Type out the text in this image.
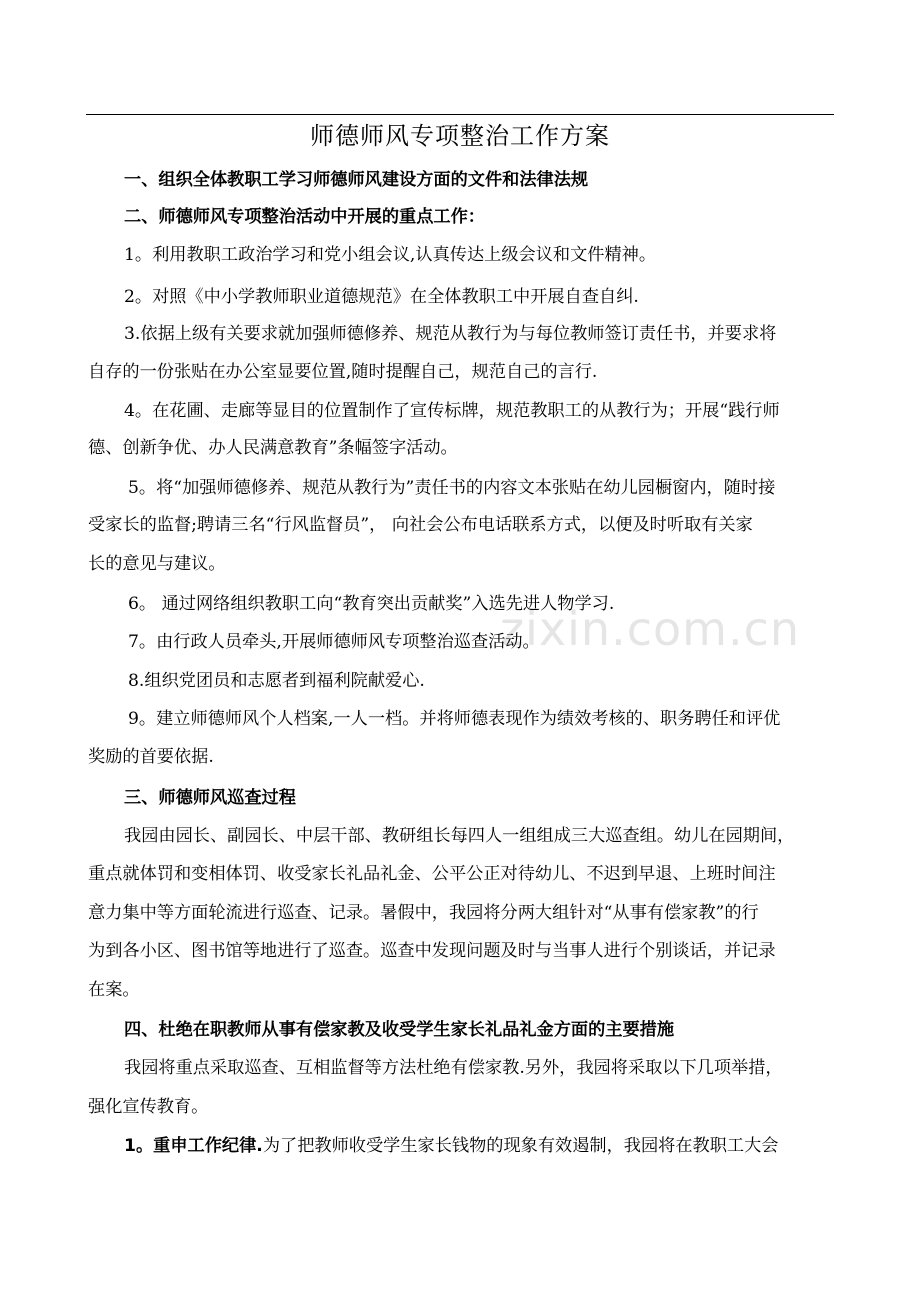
zixin.com.cn
师德师风专项整治工作方案
一、组织全体教职工学习师德师风建设方面的文件和法律法规
二、师德师风专项整治活动中开展的重点工作：
1。利用教职工政治学习和党小组会议,认真传达上级会议和文件精神。
2。对照《中小学教师职业道德规范》在全体教职工中开展自查自纠.
3.依据上级有关要求就加强师德修养、规范从教行为与每位教师签订责任书，并要求将
自存的一份张贴在办公室显要位置,随时提醒自己，规范自己的言行.
4。在花圃、走廊等显目的位置制作了宣传标牌，规范教职工的从教行为；开展“践行师
德、创新争优、办人民满意教育”条幅签字活动。
5。将“加强师德修养、规范从教行为”责任书的内容文本张贴在幼儿园橱窗内，随时接
受家长的监督;聘请三名“行风监督员”， 向社会公布电话联系方式，以便及时听取有关家
长的意见与建议。
6。 通过网络组织教职工向“教育突出贡献奖”入选先进人物学习.
7。由行政人员牵头,开展师德师风专项整治巡查活动。
8.组织党团员和志愿者到福利院献爱心.
9。建立师德师风个人档案,一人一档。并将师德表现作为绩效考核的、职务聘任和评优
奖励的首要依据.
三、师德师风巡查过程
我园由园长、副园长、中层干部、教研组长每四人一组组成三大巡查组。幼儿在园期间，
重点就体罚和变相体罚、收受家长礼品礼金、公平公正对待幼儿、不迟到早退、上班时间注
意力集中等方面轮流进行巡查、记录。暑假中，我园将分两大组针对“从事有偿家教”的行
为到各小区、图书馆等地进行了巡查。巡查中发现问题及时与当事人进行个别谈话，并记录
在案。
四、杜绝在职教师从事有偿家教及收受学生家长礼品礼金方面的主要措施
我园将重点采取巡查、互相监督等方法杜绝有偿家教.另外，我园将采取以下几项举措，
强化宣传教育。
1。重申工作纪律.为了把教师收受学生家长钱物的现象有效遏制，我园将在教职工大会
